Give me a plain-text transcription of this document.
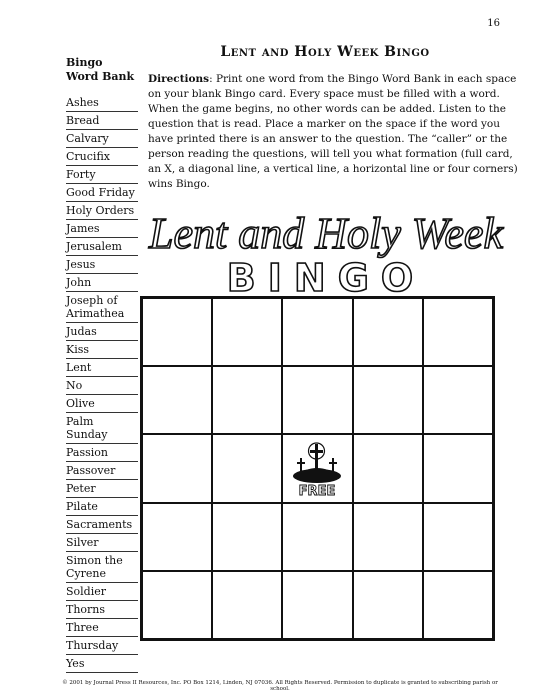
16
Lent and Holy Week Bingo
Bingo
Word Bank
Ashes
Bread
Calvary
Crucifix
Forty
Good Friday
Holy Orders
James
Jerusalem
Jesus
John
Joseph of
Arimathea
Judas
Kiss
Lent
No
Olive
Palm Sunday
Passion
Passover
Peter
Pilate
Sacraments
Silver
Simon the
Cyrene
Soldier
Thorns
Three
Thursday
Yes

Directions: Print one word from the Bingo Word Bank in each space on your blank Bingo card. Every space must be filled with a word. When the game begins, no other words can be added. Listen to the question that is read. Place a marker on the space if the word you have printed there is an answer to the question. The “caller” or the person reading the questions, will tell you what formation (full card, an X, a diagonal line, a vertical line, a horizontal line or four corners) wins Bingo.

Lent and Holy Week
BINGO
FREE
© 2001 by Journal Press II Resources, Inc. PO Box 1214, Linden, NJ 07036. All Rights Reserved. Permission to duplicate is granted to subscribing parish or school.
